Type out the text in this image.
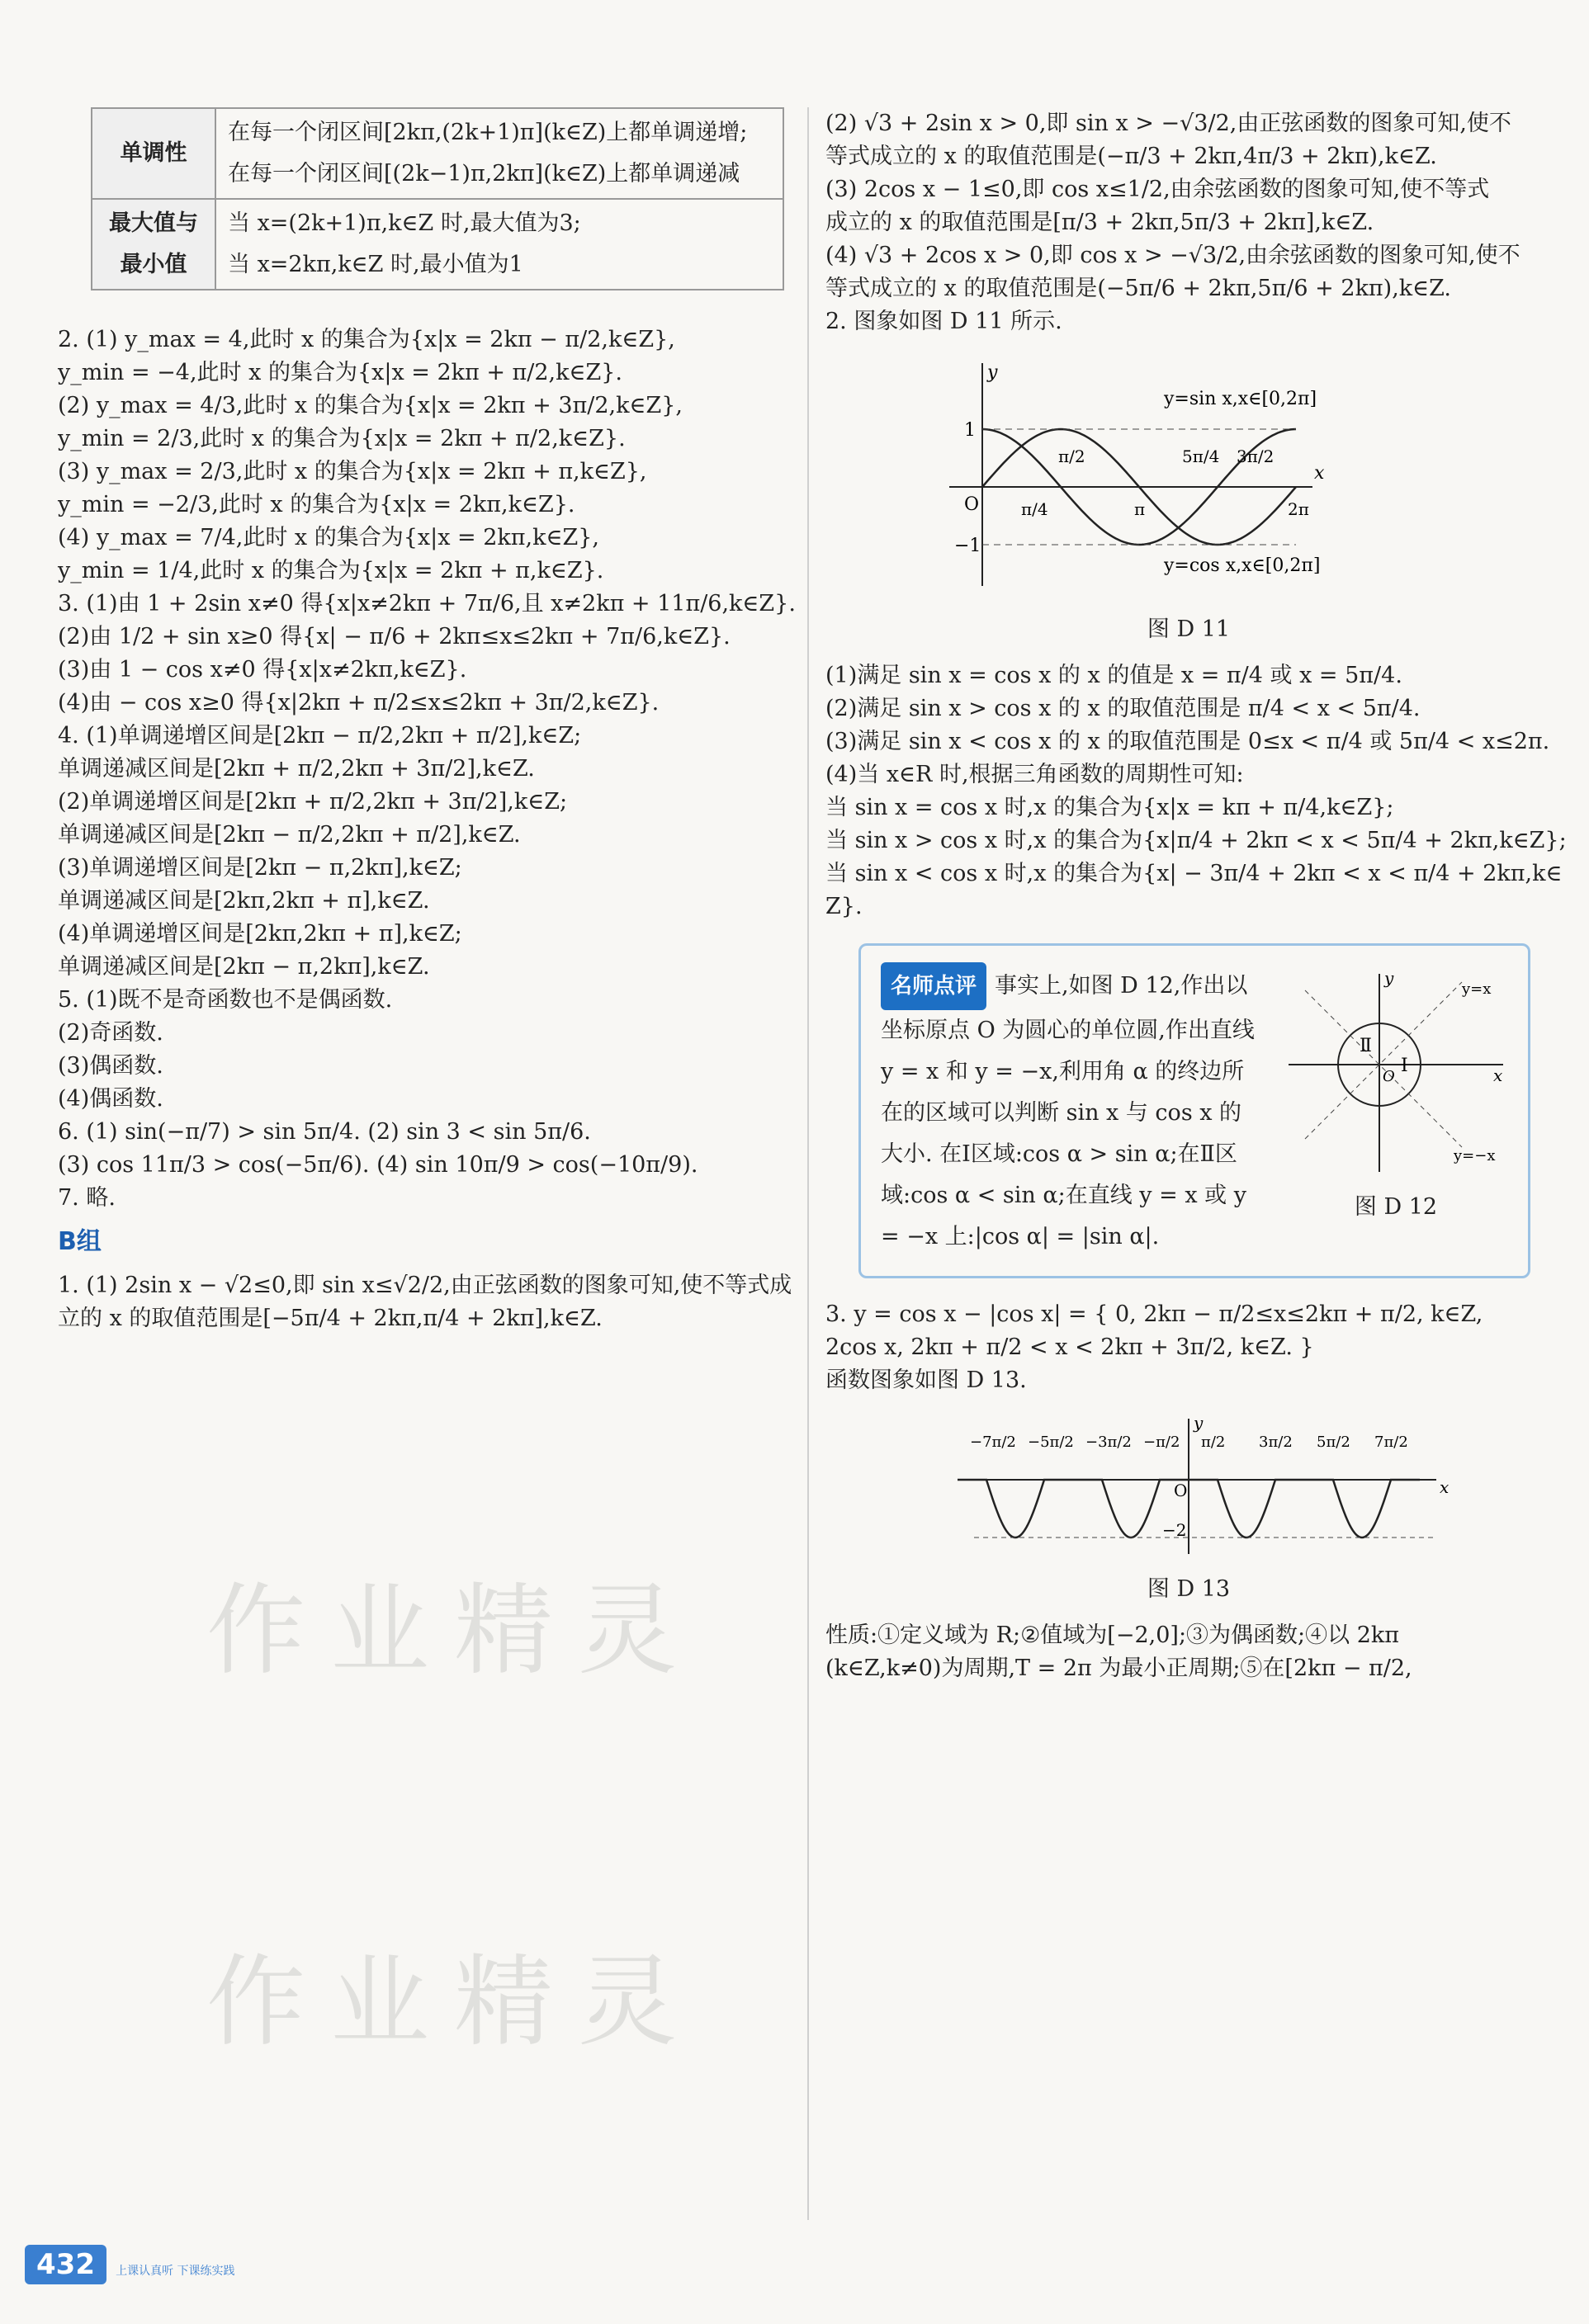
单调性	在每一个闭区间[2kπ,(2k+1)π](k∈Z)上都单调递增;
在每一个闭区间[(2k−1)π,2kπ](k∈Z)上都单调递减

最大值与最小值	当 x=(2k+1)π,k∈Z 时,最大值为3;
当 x=2kπ,k∈Z 时,最小值为1
2. (1) y_max = 4,此时 x 的集合为{x|x = 2kπ − π/2,k∈Z},
y_min = −4,此时 x 的集合为{x|x = 2kπ + π/2,k∈Z}.
(2) y_max = 4/3,此时 x 的集合为{x|x = 2kπ + 3π/2,k∈Z},
y_min = 2/3,此时 x 的集合为{x|x = 2kπ + π/2,k∈Z}.
(3) y_max = 2/3,此时 x 的集合为{x|x = 2kπ + π,k∈Z},
y_min = −2/3,此时 x 的集合为{x|x = 2kπ,k∈Z}.
(4) y_max = 7/4,此时 x 的集合为{x|x = 2kπ,k∈Z},
y_min = 1/4,此时 x 的集合为{x|x = 2kπ + π,k∈Z}.
3. (1)由 1 + 2sin x≠0 得{x|x≠2kπ + 7π/6,且 x≠2kπ + 11π/6,k∈Z}.
(2)由 1/2 + sin x≥0 得{x| − π/6 + 2kπ≤x≤2kπ + 7π/6,k∈Z}.
(3)由 1 − cos x≠0 得{x|x≠2kπ,k∈Z}.
(4)由 − cos x≥0 得{x|2kπ + π/2≤x≤2kπ + 3π/2,k∈Z}.
4. (1)单调递增区间是[2kπ − π/2,2kπ + π/2],k∈Z;
单调递减区间是[2kπ + π/2,2kπ + 3π/2],k∈Z.
(2)单调递增区间是[2kπ + π/2,2kπ + 3π/2],k∈Z;
单调递减区间是[2kπ − π/2,2kπ + π/2],k∈Z.
(3)单调递增区间是[2kπ − π,2kπ],k∈Z;
单调递减区间是[2kπ,2kπ + π],k∈Z.
(4)单调递增区间是[2kπ,2kπ + π],k∈Z;
单调递减区间是[2kπ − π,2kπ],k∈Z.
5. (1)既不是奇函数也不是偶函数.
(2)奇函数.
(3)偶函数.
(4)偶函数.
6. (1) sin(−π/7) > sin 5π/4. (2) sin 3 < sin 5π/6.
(3) cos 11π/3 > cos(−5π/6). (4) sin 10π/9 > cos(−10π/9).
7. 略.
B组
1. (1) 2sin x − √2≤0,即 sin x≤√2/2,由正弦函数的图象可知,使不等式成
立的 x 的取值范围是[−5π/4 + 2kπ,π/4 + 2kπ],k∈Z.
(2) √3 + 2sin x > 0,即 sin x > −√3/2,由正弦函数的图象可知,使不
等式成立的 x 的取值范围是(−π/3 + 2kπ,4π/3 + 2kπ),k∈Z.
(3) 2cos x − 1≤0,即 cos x≤1/2,由余弦函数的图象可知,使不等式
成立的 x 的取值范围是[π/3 + 2kπ,5π/3 + 2kπ],k∈Z.
(4) √3 + 2cos x > 0,即 cos x > −√3/2,由余弦函数的图象可知,使不
等式成立的 x 的取值范围是(−5π/6 + 2kπ,5π/6 + 2kπ),k∈Z.
2. 图象如图 D 11 所示.
y
x
O
1
−1
y=sin x,x∈[0,2π]
y=cos x,x∈[0,2π]
π/4
π/2
π
5π/4 3π/2
2π
图 D 11
(1)满足 sin x = cos x 的 x 的值是 x = π/4 或 x = 5π/4.
(2)满足 sin x > cos x 的 x 的取值范围是 π/4 < x < 5π/4.
(3)满足 sin x < cos x 的 x 的取值范围是 0≤x < π/4 或 5π/4 < x≤2π.
(4)当 x∈R 时,根据三角函数的周期性可知:
当 sin x = cos x 时,x 的集合为{x|x = kπ + π/4,k∈Z};
当 sin x > cos x 时,x 的集合为{x|π/4 + 2kπ < x < 5π/4 + 2kπ,k∈Z};
当 sin x < cos x 时,x 的集合为{x| − 3π/4 + 2kπ < x < π/4 + 2kπ,k∈
Z}.
名师点评 事实上,如图 D 12,作出以坐标原点 O 为圆心的单位圆,作出直线 y = x 和 y = −x,利用角 α 的终边所在的区域可以判断 sin x 与 cos x 的大小. 在Ⅰ区域:cos α > sin α;在Ⅱ区域:cos α < sin α;在直线 y = x 或 y = −x 上:|cos α| = |sin α|.
y
x
y=x
y=−x
Ⅱ
Ⅰ
O
图 D 12
3. y = cos x − |cos x| = { 0, 2kπ − π/2≤x≤2kπ + π/2, k∈Z,
2cos x, 2kπ + π/2 < x < 2kπ + 3π/2, k∈Z. }
函数图象如图 D 13.
y
x
O
−2
−7π/2 −5π/2 −3π/2 −π/2 π/2 3π/2 5π/2 7π/2
图 D 13
性质:①定义域为 R;②值域为[−2,0];③为偶函数;④以 2kπ
(k∈Z,k≠0)为周期,T = 2π 为最小正周期;⑤在[2kπ − π/2,
432 上课认真听 下课练实践
作业精灵
作业精灵
